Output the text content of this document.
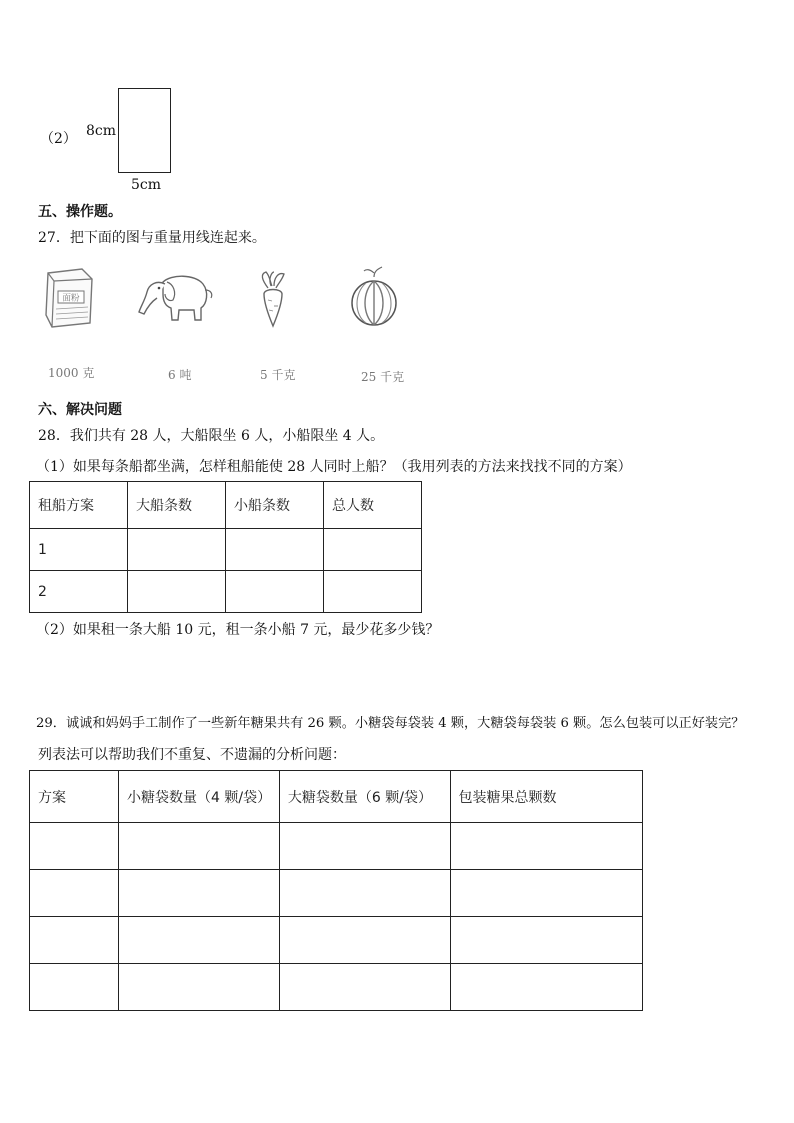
（2） 8cm
5cm
五、操作题。
27．把下面的图与重量用线连起来。
面粉
1000 克	6 吨	5 千克	25 千克
六、解决问题
28．我们共有 28 人，大船限坐 6 人，小船限坐 4 人。
（1）如果每条船都坐满，怎样租船能使 28 人同时上船？（我用列表的方法来找找不同的方案）
租船方案	大船条数	小船条数	总人数
1			
2			
（2）如果租一条大船 10 元，租一条小船 7 元，最少花多少钱？
29．诚诚和妈妈手工制作了一些新年糖果共有 26 颗。小糖袋每袋装 4 颗，大糖袋每袋装 6 颗。怎么包装可以正好装完？
列表法可以帮助我们不重复、不遗漏的分析问题：
方案	小糖袋数量（4 颗/袋）	大糖袋数量（6 颗/袋）	包装糖果总颗数
